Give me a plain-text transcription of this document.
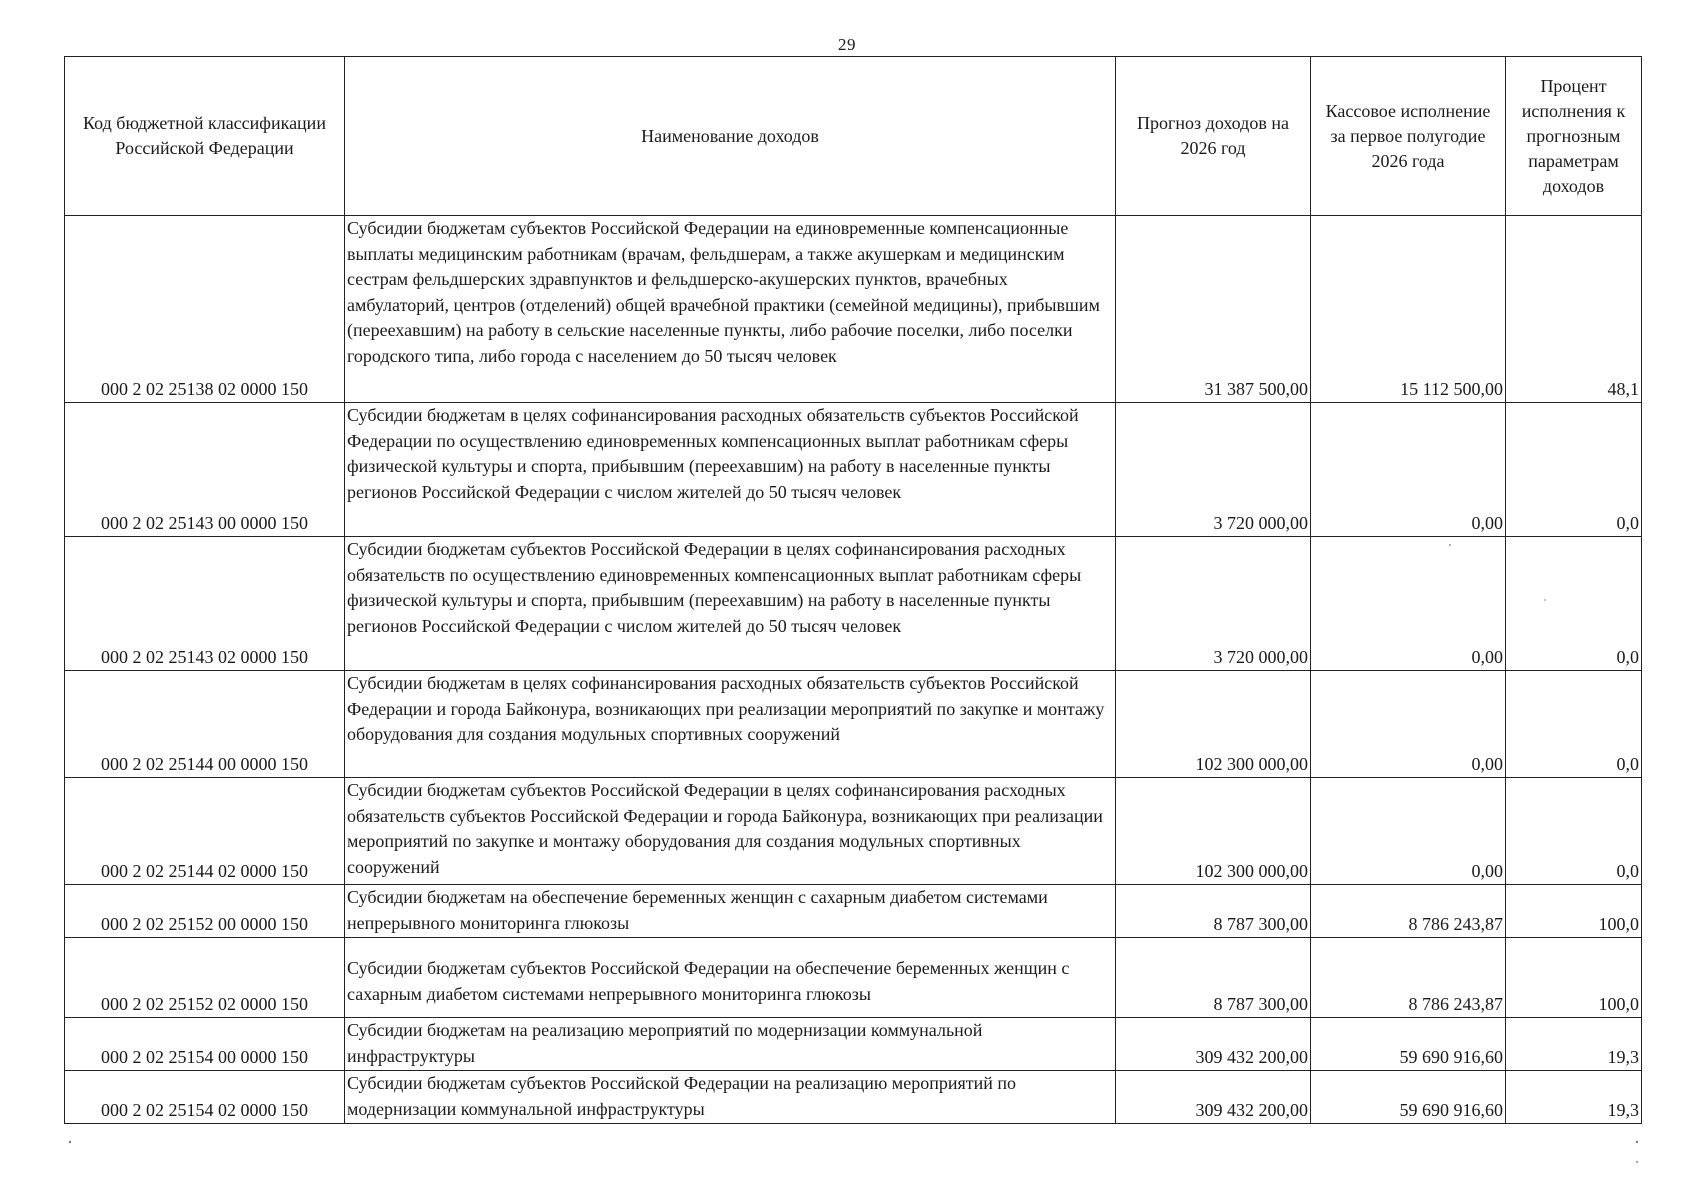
29
Код бюджетной классификации Российской Федерации	Наименование доходов	Прогноз доходов на 2026 год	Кассовое исполнение за первое полугодие 2026 года	Процент исполнения к прогнозным параметрам доходов
000 2 02 25138 02 0000 150	Субсидии бюджетам субъектов Российской Федерации на единовременные компенсационные выплаты медицинским работникам (врачам, фельдшерам, а также акушеркам и медицинским сестрам фельдшерских здравпунктов и фельдшерско-акушерских пунктов, врачебных амбулаторий, центров (отделений) общей врачебной практики (семейной медицины), прибывшим (переехавшим) на работу в сельские населенные пункты, либо рабочие поселки, либо поселки городского типа, либо города с населением до 50 тысяч человек	31 387 500,00	15 112 500,00	48,1
000 2 02 25143 00 0000 150	Субсидии бюджетам в целях софинансирования расходных обязательств субъектов Российской Федерации по осуществлению единовременных компенсационных выплат работникам сферы физической культуры и спорта, прибывшим (переехавшим) на работу в населенные пункты регионов Российской Федерации с числом жителей до 50 тысяч человек	3 720 000,00	0,00	0,0
000 2 02 25143 02 0000 150	Субсидии бюджетам субъектов Российской Федерации в целях софинансирования расходных обязательств по осуществлению единовременных компенсационных выплат работникам сферы физической культуры и спорта, прибывшим (переехавшим) на работу в населенные пункты регионов Российской Федерации с числом жителей до 50 тысяч человек	3 720 000,00	0,00	0,0
000 2 02 25144 00 0000 150	Субсидии бюджетам в целях софинансирования расходных обязательств субъектов Российской Федерации и города Байконура, возникающих при реализации мероприятий по закупке и монтажу оборудования для создания модульных спортивных сооружений	102 300 000,00	0,00	0,0
000 2 02 25144 02 0000 150	Субсидии бюджетам субъектов Российской Федерации в целях софинансирования расходных обязательств субъектов Российской Федерации и города Байконура, возникающих при реализации мероприятий по закупке и монтажу оборудования для создания модульных спортивных сооружений	102 300 000,00	0,00	0,0
000 2 02 25152 00 0000 150	Субсидии бюджетам на обеспечение беременных женщин с сахарным диабетом системами непрерывного мониторинга глюкозы	8 787 300,00	8 786 243,87	100,0
000 2 02 25152 02 0000 150	Субсидии бюджетам субъектов Российской Федерации на обеспечение беременных женщин с сахарным диабетом системами непрерывного мониторинга глюкозы	8 787 300,00	8 786 243,87	100,0
000 2 02 25154 00 0000 150	Субсидии бюджетам на реализацию мероприятий по модернизации коммунальной инфраструктуры	309 432 200,00	59 690 916,60	19,3
000 2 02 25154 02 0000 150	Субсидии бюджетам субъектов Российской Федерации на реализацию мероприятий по модернизации коммунальной инфраструктуры	309 432 200,00	59 690 916,60	19,3
